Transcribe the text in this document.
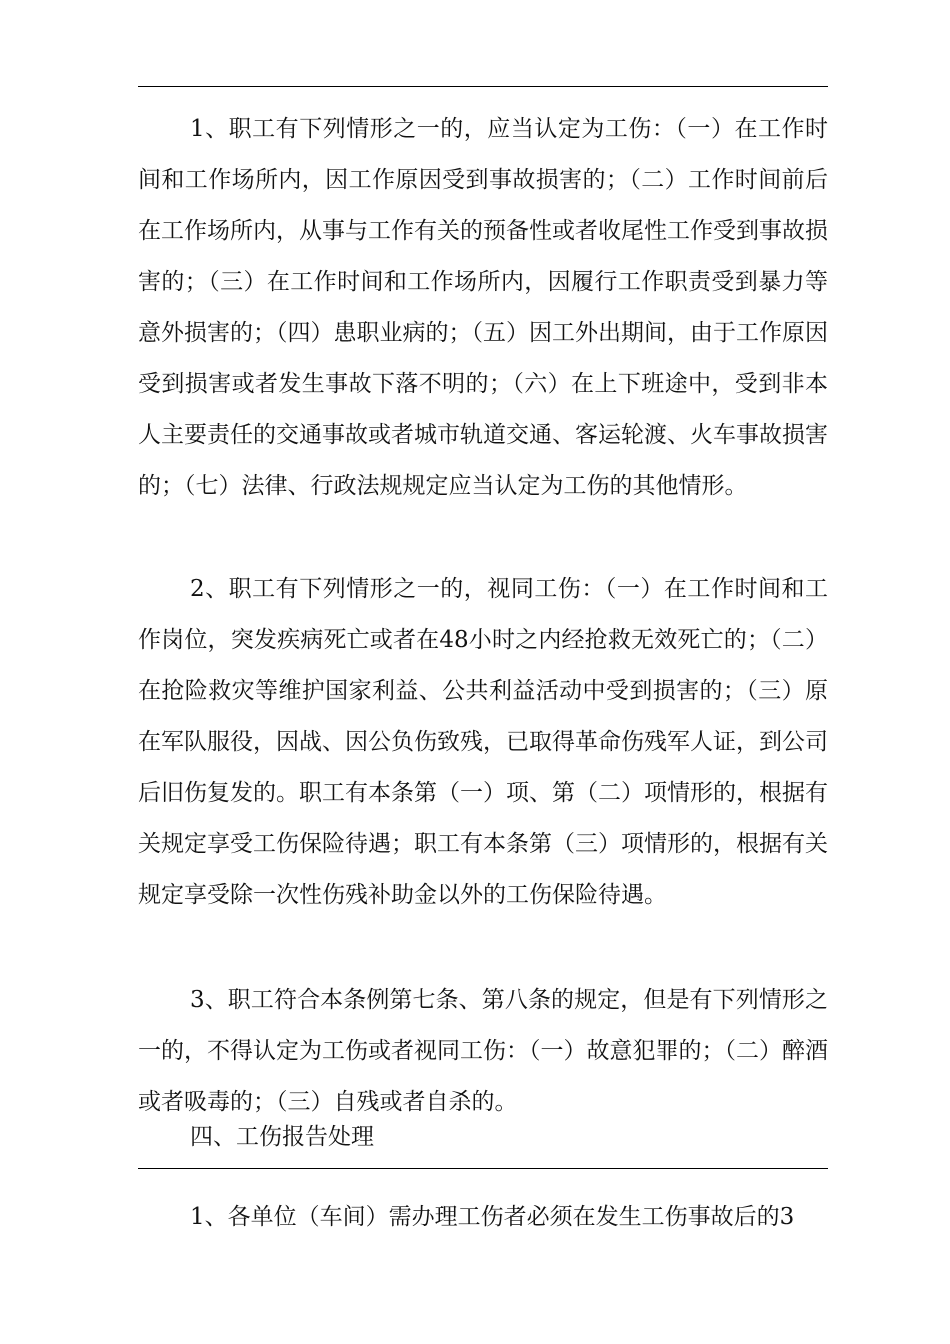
1、职工有下列情形之一的，应当认定为工伤：（一）在工作时间和工作场所内，因工作原因受到事故损害的；（二）工作时间前后在工作场所内，从事与工作有关的预备性或者收尾性工作受到事故损害的；（三）在工作时间和工作场所内，因履行工作职责受到暴力等意外损害的；（四）患职业病的；（五）因工外出期间，由于工作原因受到损害或者发生事故下落不明的；（六）在上下班途中，受到非本人主要责任的交通事故或者城市轨道交通、客运轮渡、火车事故损害的；（七）法律、行政法规规定应当认定为工伤的其他情形。
2、职工有下列情形之一的，视同工伤：（一）在工作时间和工作岗位，突发疾病死亡或者在48小时之内经抢救无效死亡的；（二）在抢险救灾等维护国家利益、公共利益活动中受到损害的；（三）原在军队服役，因战、因公负伤致残，已取得革命伤残军人证，到公司后旧伤复发的。职工有本条第（一）项、第（二）项情形的，根据有关规定享受工伤保险待遇；职工有本条第（三）项情形的，根据有关规定享受除一次性伤残补助金以外的工伤保险待遇。
3、职工符合本条例第七条、第八条的规定，但是有下列情形之一的，不得认定为工伤或者视同工伤：（一）故意犯罪的；（二）醉酒或者吸毒的；（三）自残或者自杀的。
四、工伤报告处理
1、各单位（车间）需办理工伤者必须在发生工伤事故后的3
